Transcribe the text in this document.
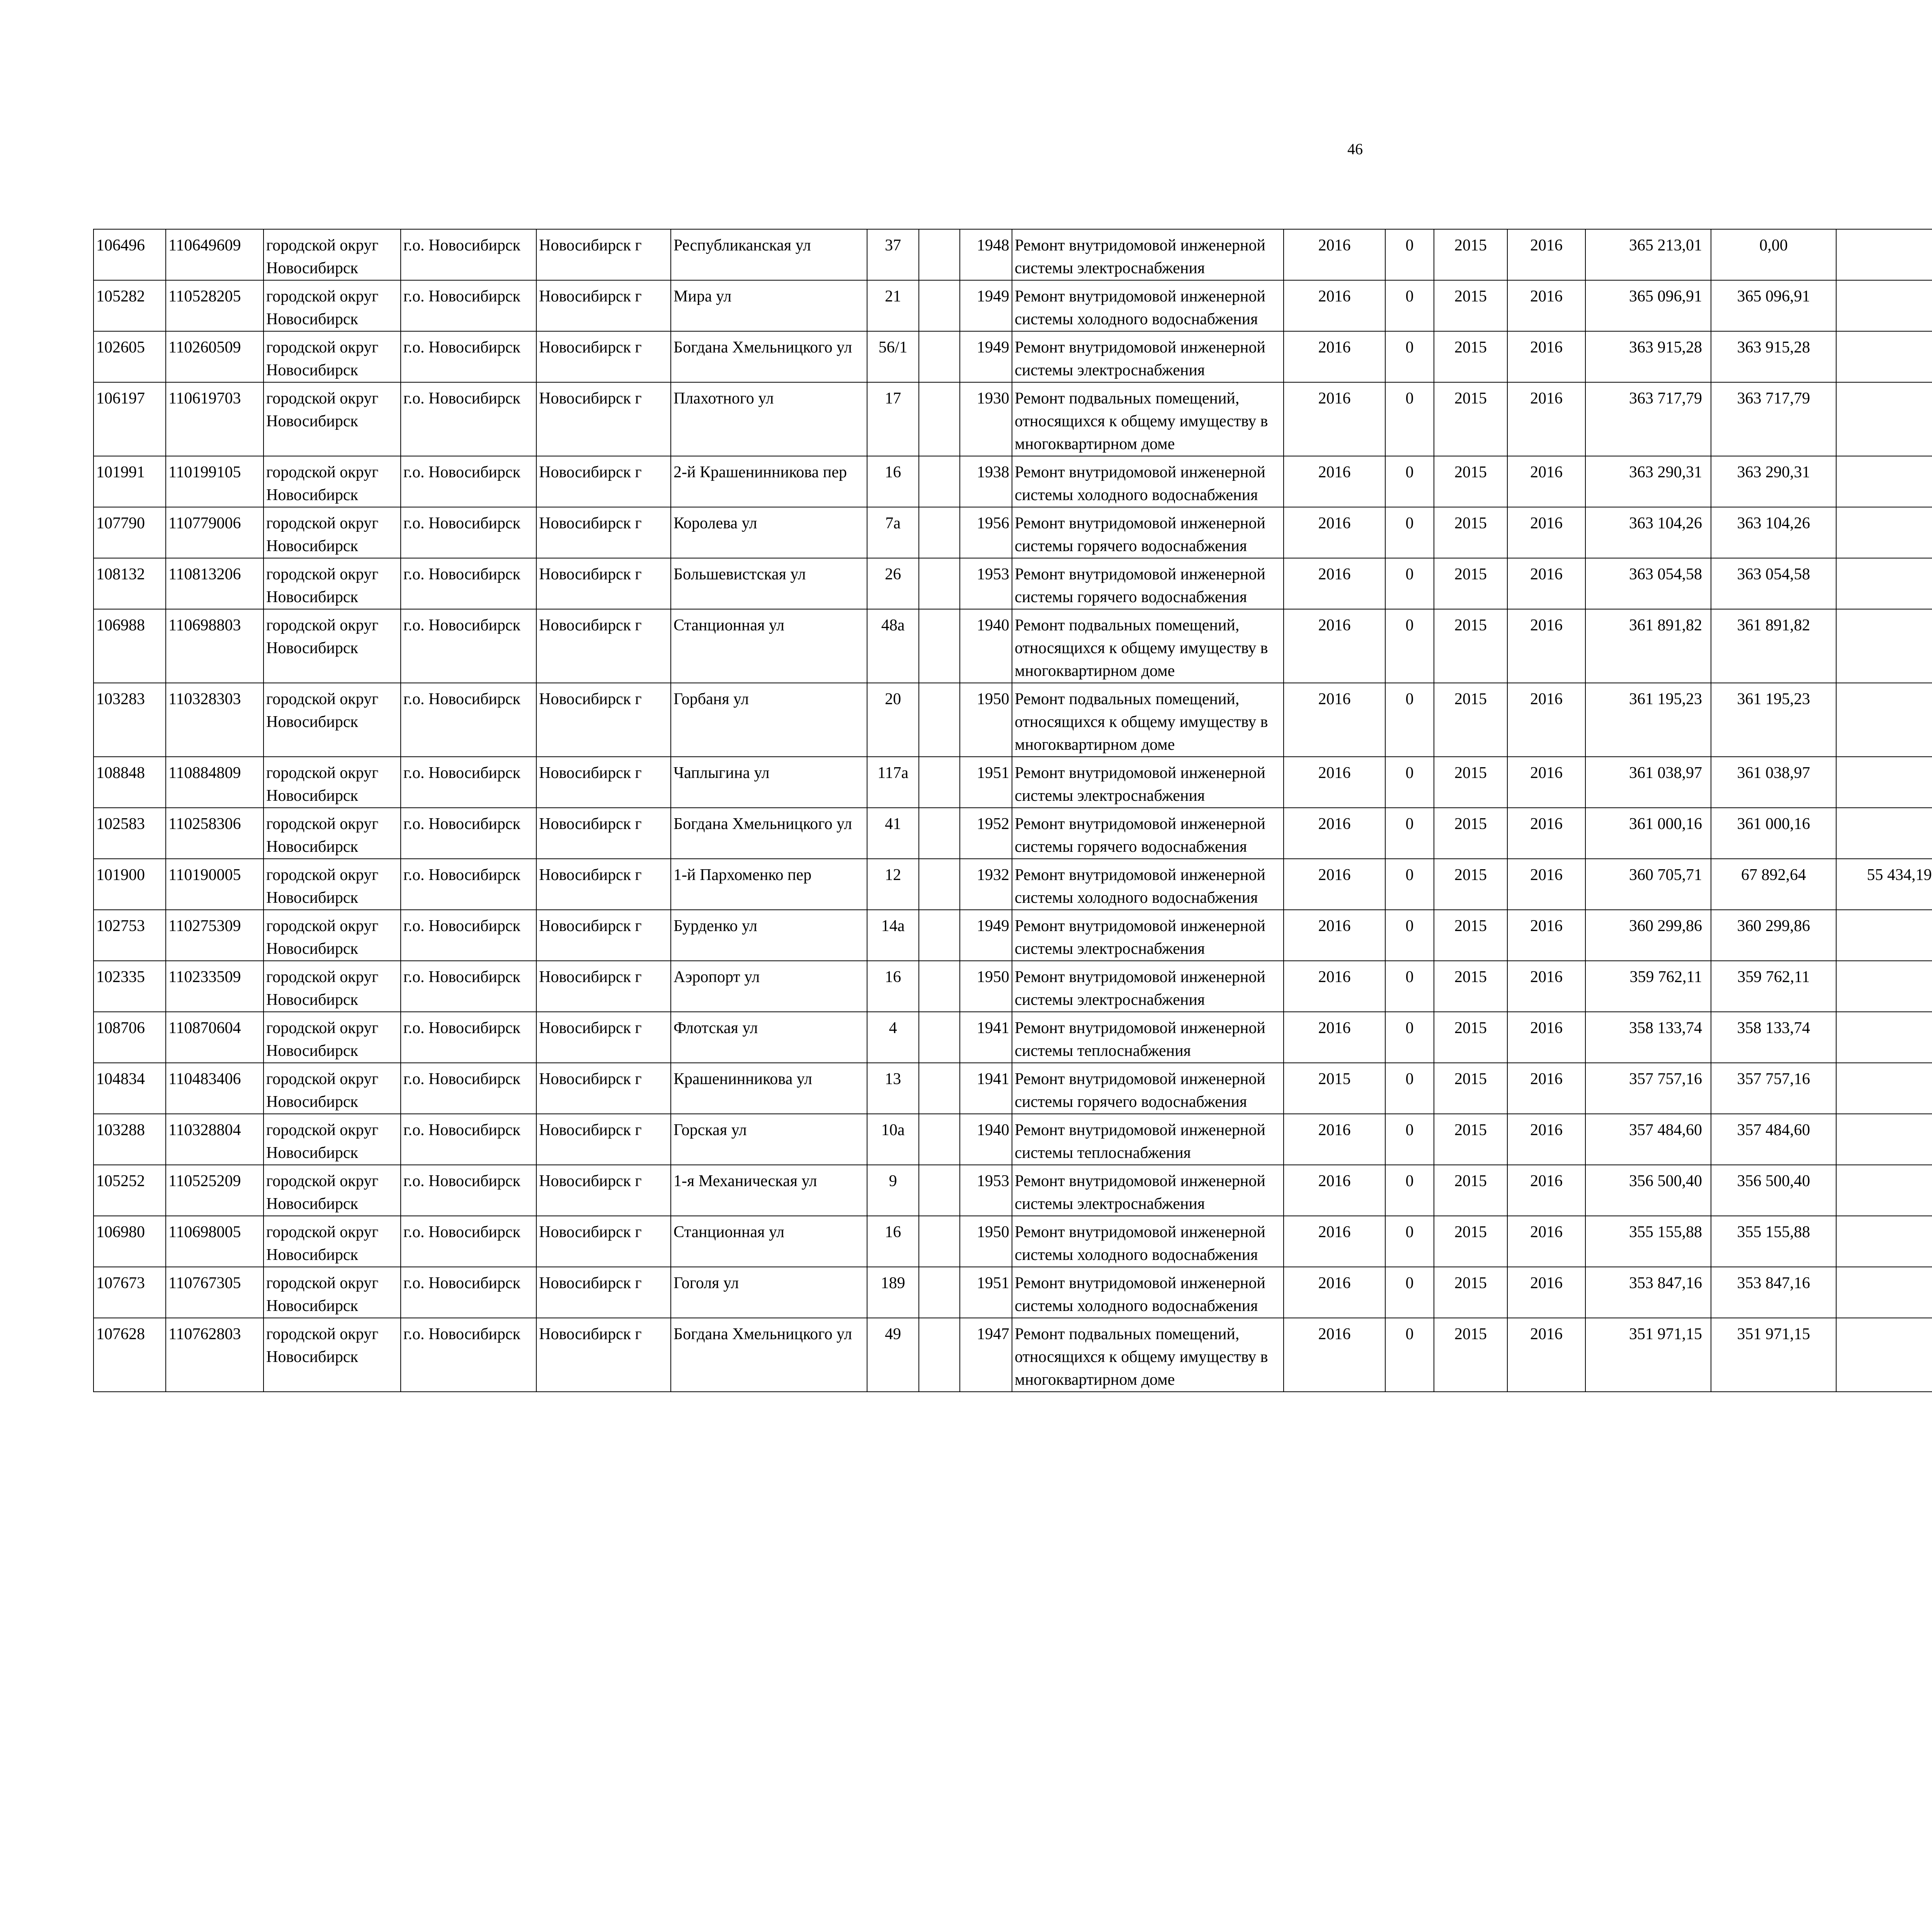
46
106496	110649609	городской округ Новосибирск	г.о. Новосибирск	Новосибирск г	Республиканская ул	37		1948	Ремонт внутридомовой инженерной системы электроснабжения	2016	0	2015	2016	365 213,01	0,00						
105282	110528205	городской округ Новосибирск	г.о. Новосибирск	Новосибирск г	Мира ул	21		1949	Ремонт внутридомовой инженерной системы холодного водоснабжения	2016	0	2015	2016	365 096,91	365 096,91						
102605	110260509	городской округ Новосибирск	г.о. Новосибирск	Новосибирск г	Богдана Хмельницкого ул	56/1		1949	Ремонт внутридомовой инженерной системы электроснабжения	2016	0	2015	2016	363 915,28	363 915,28						
106197	110619703	городской округ Новосибирск	г.о. Новосибирск	Новосибирск г	Плахотного ул	17		1930	Ремонт подвальных помещений, относящихся к общему имуществу в многоквартирном доме	2016	0	2015	2016	363 717,79	363 717,79						
101991	110199105	городской округ Новосибирск	г.о. Новосибирск	Новосибирск г	2-й Крашенинникова пер	16		1938	Ремонт внутридомовой инженерной системы холодного водоснабжения	2016	0	2015	2016	363 290,31	363 290,31						
107790	110779006	городской округ Новосибирск	г.о. Новосибирск	Новосибирск г	Королева ул	7а		1956	Ремонт внутридомовой инженерной системы горячего водоснабжения	2016	0	2015	2016	363 104,26	363 104,26						
108132	110813206	городской округ Новосибирск	г.о. Новосибирск	Новосибирск г	Большевистская ул	26		1953	Ремонт внутридомовой инженерной системы горячего водоснабжения	2016	0	2015	2016	363 054,58	363 054,58						
106988	110698803	городской округ Новосибирск	г.о. Новосибирск	Новосибирск г	Станционная ул	48а		1940	Ремонт подвальных помещений, относящихся к общему имуществу в многоквартирном доме	2016	0	2015	2016	361 891,82	361 891,82						
103283	110328303	городской округ Новосибирск	г.о. Новосибирск	Новосибирск г	Горбаня ул	20		1950	Ремонт подвальных помещений, относящихся к общему имуществу в многоквартирном доме	2016	0	2015	2016	361 195,23	361 195,23						
108848	110884809	городской округ Новосибирск	г.о. Новосибирск	Новосибирск г	Чаплыгина ул	117а		1951	Ремонт внутридомовой инженерной системы электроснабжения	2016	0	2015	2016	361 038,97	361 038,97						
102583	110258306	городской округ Новосибирск	г.о. Новосибирск	Новосибирск г	Богдана Хмельницкого ул	41		1952	Ремонт внутридомовой инженерной системы горячего водоснабжения	2016	0	2015	2016	361 000,16	361 000,16						
101900	110190005	городской округ Новосибирск	г.о. Новосибирск	Новосибирск г	1-й Пархоменко пер	12		1932	Ремонт внутридомовой инженерной системы холодного водоснабжения	2016	0	2015	2016	360 705,71	67 892,64	55 434,19					
102753	110275309	городской округ Новосибирск	г.о. Новосибирск	Новосибирск г	Бурденко ул	14а		1949	Ремонт внутридомовой инженерной системы электроснабжения	2016	0	2015	2016	360 299,86	360 299,86						
102335	110233509	городской округ Новосибирск	г.о. Новосибирск	Новосибирск г	Аэропорт ул	16		1950	Ремонт внутридомовой инженерной системы электроснабжения	2016	0	2015	2016	359 762,11	359 762,11						
108706	110870604	городской округ Новосибирск	г.о. Новосибирск	Новосибирск г	Флотская ул	4		1941	Ремонт внутридомовой инженерной системы теплоснабжения	2016	0	2015	2016	358 133,74	358 133,74						
104834	110483406	городской округ Новосибирск	г.о. Новосибирск	Новосибирск г	Крашенинникова ул	13		1941	Ремонт внутридомовой инженерной системы горячего водоснабжения	2015	0	2015	2016	357 757,16	357 757,16						
103288	110328804	городской округ Новосибирск	г.о. Новосибирск	Новосибирск г	Горская ул	10а		1940	Ремонт внутридомовой инженерной системы теплоснабжения	2016	0	2015	2016	357 484,60	357 484,60						
105252	110525209	городской округ Новосибирск	г.о. Новосибирск	Новосибирск г	1-я Механическая ул	9		1953	Ремонт внутридомовой инженерной системы электроснабжения	2016	0	2015	2016	356 500,40	356 500,40						
106980	110698005	городской округ Новосибирск	г.о. Новосибирск	Новосибирск г	Станционная ул	16		1950	Ремонт внутридомовой инженерной системы холодного водоснабжения	2016	0	2015	2016	355 155,88	355 155,88						
107673	110767305	городской округ Новосибирск	г.о. Новосибирск	Новосибирск г	Гоголя ул	189		1951	Ремонт внутридомовой инженерной системы холодного водоснабжения	2016	0	2015	2016	353 847,16	353 847,16						
107628	110762803	городской округ Новосибирск	г.о. Новосибирск	Новосибирск г	Богдана Хмельницкого ул	49		1947	Ремонт подвальных помещений, относящихся к общему имуществу в многоквартирном доме	2016	0	2015	2016	351 971,15	351 971,15						
